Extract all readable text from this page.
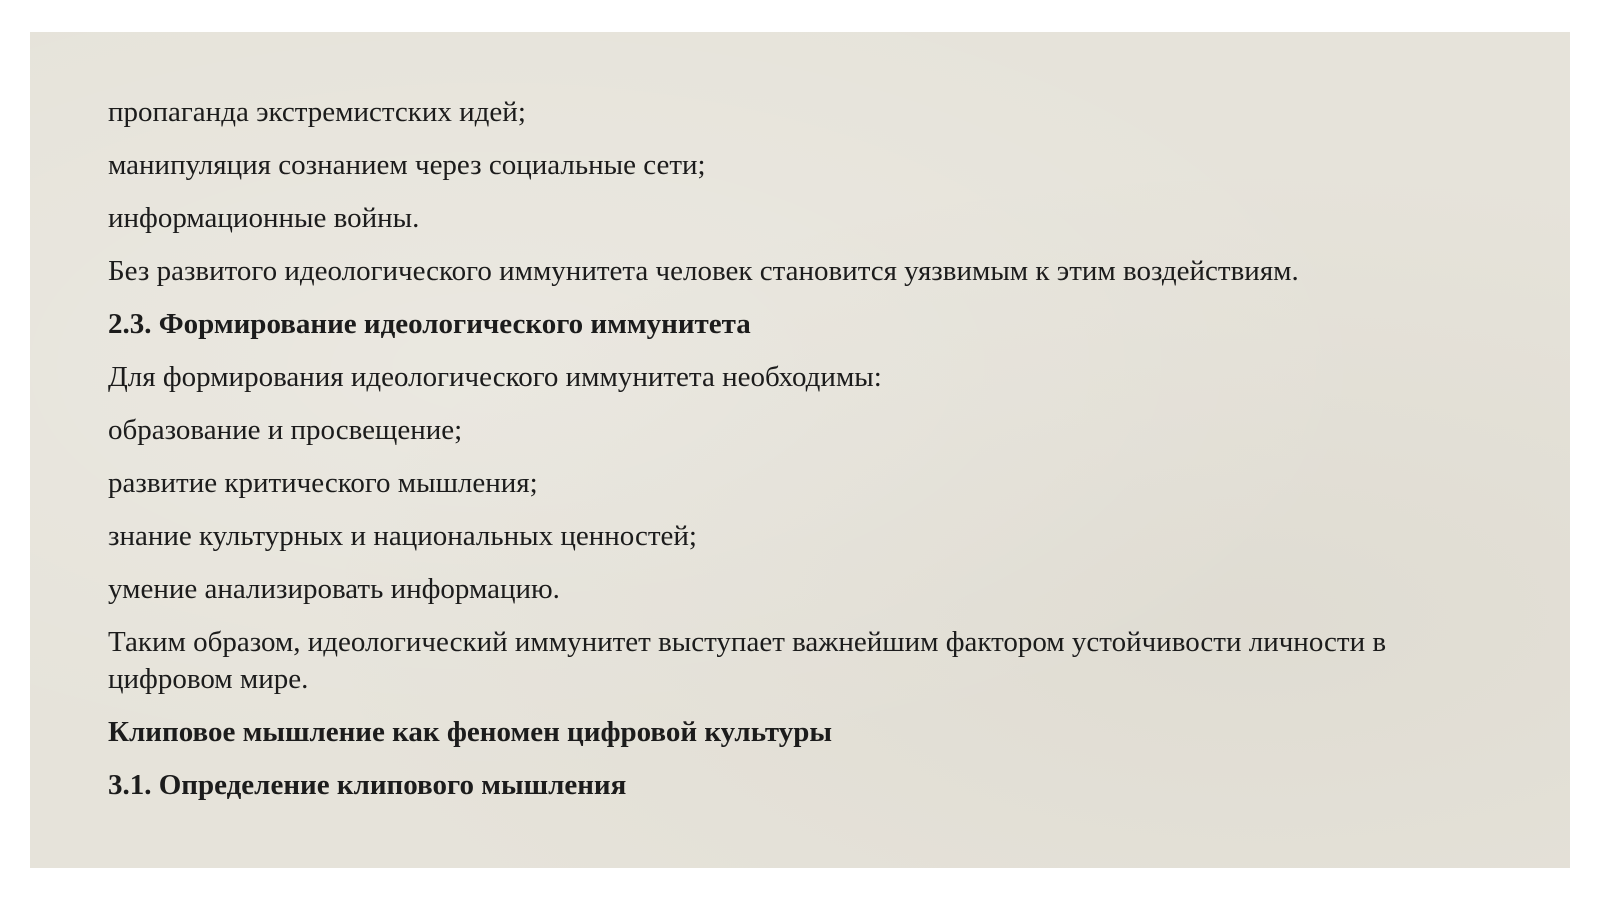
пропаганда экстремистских идей;

манипуляция сознанием через социальные сети;

информационные войны.

Без развитого идеологического иммунитета человек становится уязвимым к этим воздействиям.

2.3. Формирование идеологического иммунитета

Для формирования идеологического иммунитета необходимы:

образование и просвещение;

развитие критического мышления;

знание культурных и национальных ценностей;

умение анализировать информацию.

Таким образом, идеологический иммунитет выступает важнейшим фактором устойчивости личности в цифровом мире.

Клиповое мышление как феномен цифровой культуры

3.1. Определение клипового мышления
